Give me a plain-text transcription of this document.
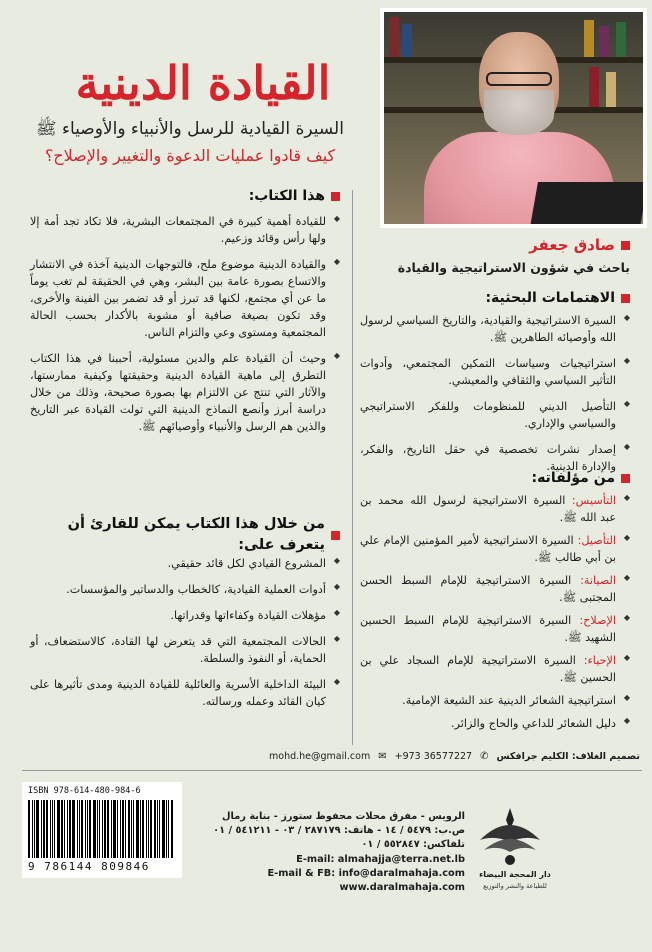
القيادة الدينية
السيرة القيادية للرسل والأنبياء والأوصياء ﷺ
كيف قادوا عمليات الدعوة والتغيير والإصلاح؟
هذا الكتاب:
◆ للقيادة أهمية كبيرة في المجتمعات البشرية، فلا تكاد تجد أمة إلا ولها رأس وقائد وزعيم.
◆ والقيادة الدينية موضوع ملح، فالتوجهات الدينية آخذة في الانتشار والاتساع بصورة عامة بين البشر، وهي في الحقيقة لم تغب يوماً ما عن أي مجتمع، لكنها قد تبرز أو قد تضمر بين الفينة والأخرى، وقد تكون بصيغة صافية أو مشوبة بالأكدار بحسب الحالة المجتمعية ومستوى وعي والتزام الناس.
◆ وحيث أن القيادة علم والدين مسئولية، أحببنا في هذا الكتاب التطرق إلى ماهية القيادة الدينية وحقيقتها وكيفية ممارستها، والآثار التي تنتج عن الالتزام بها بصورة صحيحة، وذلك من خلال دراسة أبرز وأنصع النماذج الدينية التي تولت القيادة عبر التاريخ والذين هم الرسل والأنبياء وأوصيائهم ﷺ.
من خلال هذا الكتاب يمكن للقارئ أن يتعرف على:
◆ المشروع القيادي لكل قائد حقيقي.
◆ أدوات العملية القيادية، كالخطاب والدساتير والمؤسسات.
◆ مؤهلات القيادة وكفاءاتها وقدراتها.
◆ الحالات المجتمعية التي قد يتعرض لها القادة، كالاستضعاف، أو الحماية، أو النفوذ والسلطة.
◆ البيئة الداخلية الأسرية والعائلية للقيادة الدينية ومدى تأثيرها على كيان القائد وعمله ورسالته.
صادق جعفر
باحث في شؤون الاستراتيجية والقيادة
الاهتمامات البحثية:
◆ السيرة الاستراتيجية والقيادية، والتاريخ السياسي لرسول الله وأوصيائه الطاهرين ﷺ.
◆ استراتيجيات وسياسات التمكين المجتمعي، وأدوات التأثير السياسي والثقافي والمعيشي.
◆ التأصيل الديني للمنظومات وللفكر الاستراتيجي والسياسي والإداري.
◆ إصدار نشرات تخصصية في حقل التاريخ، والفكر، والإدارة الدينية.
من مؤلفاته:
◆ التأسيس: السيرة الاستراتيجية لرسول الله محمد بن عبد الله ﷺ.
◆ التأصيل: السيرة الاستراتيجية لأمير المؤمنين الإمام علي بن أبي طالب ﷺ.
◆ الصيانة: السيرة الاستراتيجية للإمام السبط الحسن المجتبى ﷺ.
◆ الإصلاح: السيرة الاستراتيجية للإمام السبط الحسين الشهيد ﷺ.
◆ الإحياء: السيرة الاستراتيجية للإمام السجاد علي بن الحسين ﷺ.
◆ استراتيجية الشعائر الدينية عند الشيعة الإمامية.
◆ دليل الشعائر للداعي والحاج والزائر.
تصميم الغلاف: الكليم جرافكس
✆
+973 36577227
✉
mohd.he@gmail.com
دار المحجة البيضاء
للطباعة والنشر والتوزيع
الرويس - مفرق محلات محفوظ ستورز - بناية رمال
ص.ب: ٥٤٧٩ / ١٤ - هاتف: ٢٨٧١٧٩ / ٠٣ - ٥٤١٢١١ / ٠١
تلفاكس: ٥٥٢٨٤٧ / ٠١
E-mail: almahajja@terra.net.lb
E-mail & FB: info@daralmahaja.com
www.daralmahaja.com
ISBN 978-614-480-984-6
9 786144 809846
